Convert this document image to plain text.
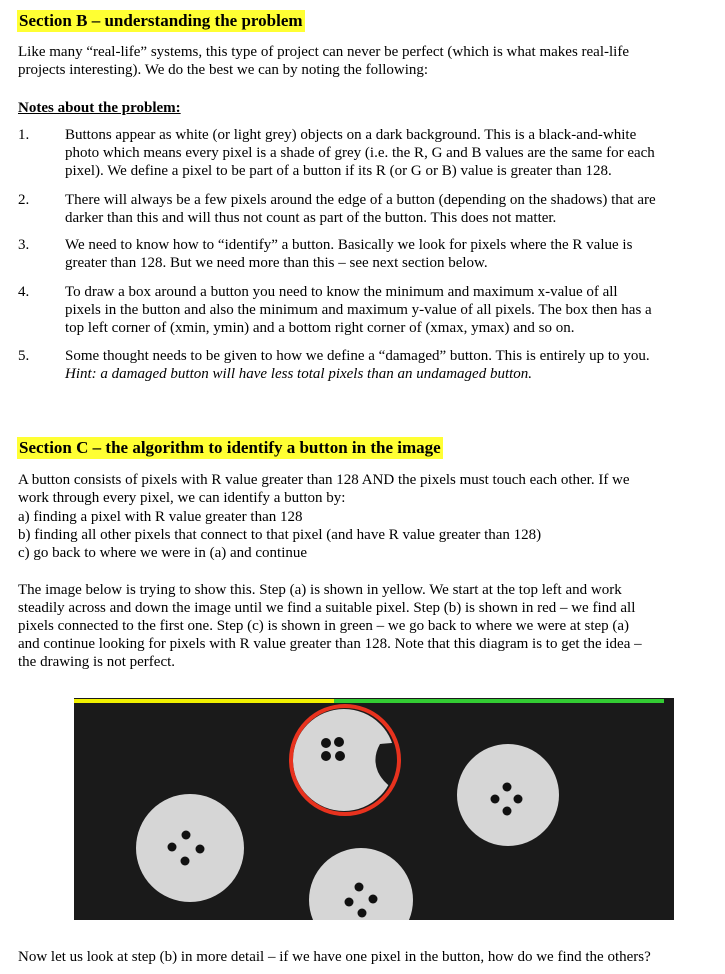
Section B – understanding the problem
Like many “real-life” systems, this type of project can never be perfect (which is what makes real-life
projects interesting). We do the best we can by noting the following:
Notes about the problem:
1. Buttons appear as white (or light grey) objects on a dark background. This is a black-and-white
photo which means every pixel is a shade of grey (i.e. the R, G and B values are the same for each
pixel). We define a pixel to be part of a button if its R (or G or B) value is greater than 128.
2. There will always be a few pixels around the edge of a button (depending on the shadows) that are
darker than this and will thus not count as part of the button. This does not matter.
3. We need to know how to “identify” a button. Basically we look for pixels where the R value is
greater than 128. But we need more than this – see next section below.
4. To draw a box around a button you need to know the minimum and maximum x-value of all
pixels in the button and also the minimum and maximum y-value of all pixels. The box then has a
top left corner of (xmin, ymin) and a bottom right corner of (xmax, ymax) and so on.
5. Some thought needs to be given to how we define a “damaged” button. This is entirely up to you.
Hint: a damaged button will have less total pixels than an undamaged button.
Section C – the algorithm to identify a button in the image
A button consists of pixels with R value greater than 128 AND the pixels must touch each other. If we
work through every pixel, we can identify a button by:
a) finding a pixel with R value greater than 128
b) finding all other pixels that connect to that pixel (and have R value greater than 128)
c) go back to where we were in (a) and continue
The image below is trying to show this. Step (a) is shown in yellow. We start at the top left and work
steadily across and down the image until we find a suitable pixel. Step (b) is shown in red – we find all
pixels connected to the first one. Step (c) is shown in green – we go back to where we were at step (a)
and continue looking for pixels with R value greater than 128. Note that this diagram is to get the idea –
the drawing is not perfect.
Now let us look at step (b) in more detail – if we have one pixel in the button, how do we find the others?
